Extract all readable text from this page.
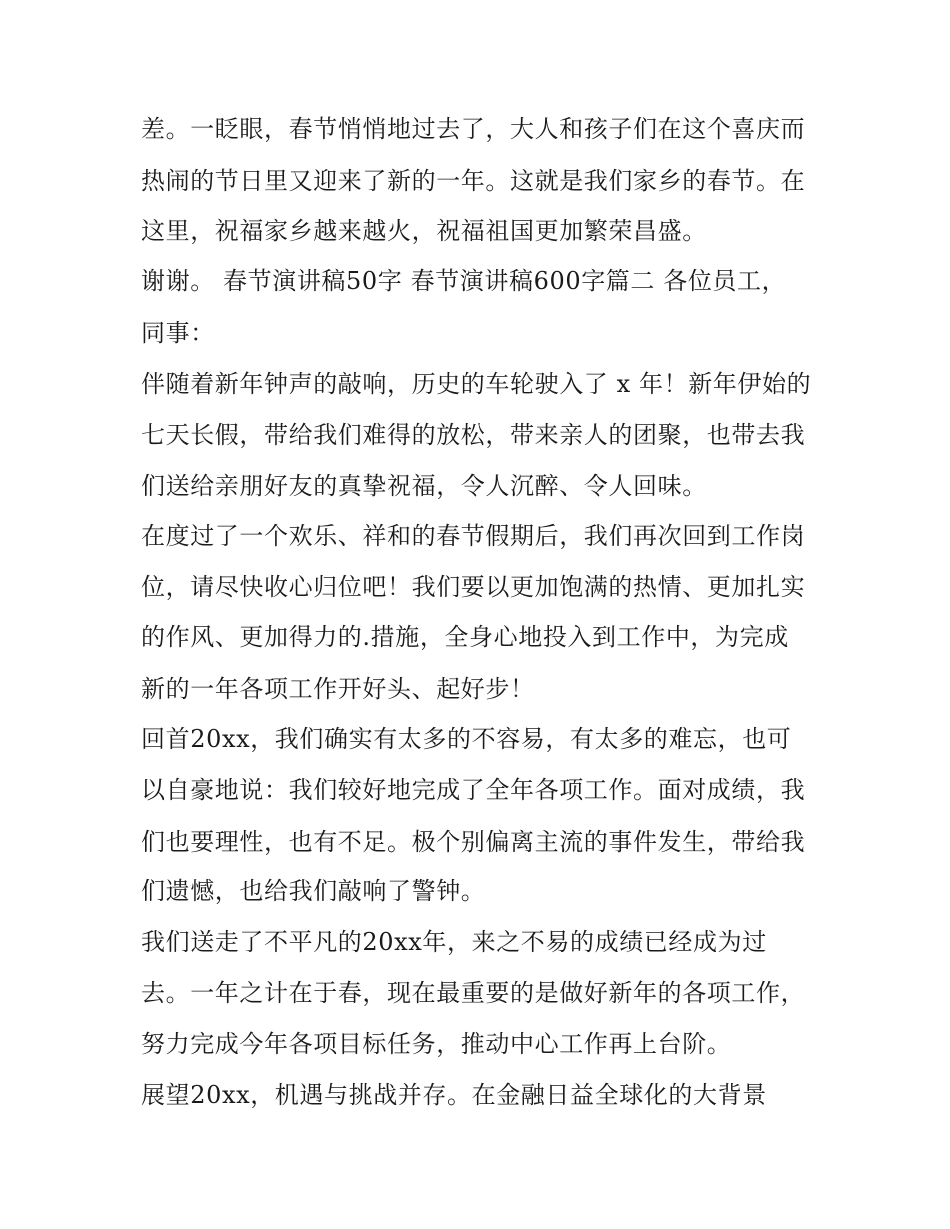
差。一眨眼，春节悄悄地过去了，大人和孩子们在这个喜庆而
热闹的节日里又迎来了新的一年。这就是我们家乡的春节。在
这里，祝福家乡越来越火，祝福祖国更加繁荣昌盛。
谢谢。 春节演讲稿50字 春节演讲稿600字篇二 各位员工，
同事：
伴随着新年钟声的敲响，历史的车轮驶入了 x 年！新年伊始的
七天长假，带给我们难得的放松，带来亲人的团聚，也带去我
们送给亲朋好友的真挚祝福，令人沉醉、令人回味。
在度过了一个欢乐、祥和的春节假期后，我们再次回到工作岗
位，请尽快收心归位吧！我们要以更加饱满的热情、更加扎实
的作风、更加得力的.措施，全身心地投入到工作中，为完成
新的一年各项工作开好头、起好步！
回首20xx，我们确实有太多的不容易，有太多的难忘，也可
以自豪地说：我们较好地完成了全年各项工作。面对成绩，我
们也要理性，也有不足。极个别偏离主流的事件发生，带给我
们遗憾，也给我们敲响了警钟。
我们送走了不平凡的20xx年，来之不易的成绩已经成为过
去。一年之计在于春，现在最重要的是做好新年的各项工作，
努力完成今年各项目标任务，推动中心工作再上台阶。
展望20xx，机遇与挑战并存。在金融日益全球化的大背景
